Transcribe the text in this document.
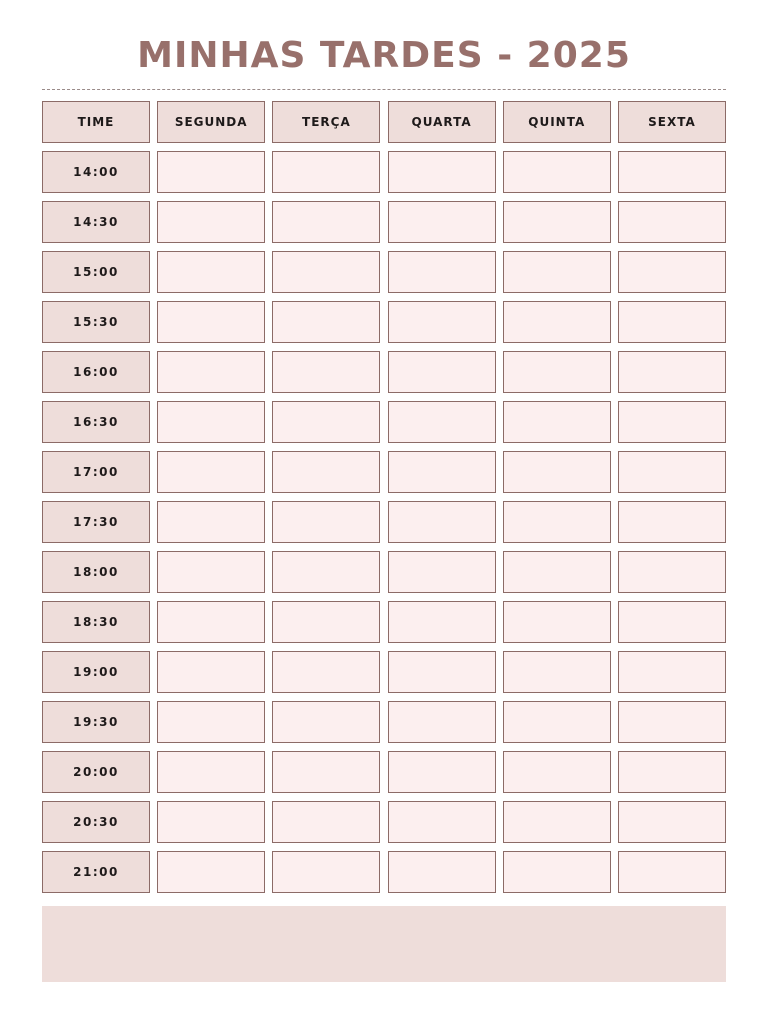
MINHAS TARDES - 2025
TIME	SEGUNDA	TERÇA	QUARTA	QUINTA	SEXTA
14:00
14:30
15:00
15:30
16:00
16:30
17:00
17:30
18:00
18:30
19:00
19:30
20:00
20:30
21:00
